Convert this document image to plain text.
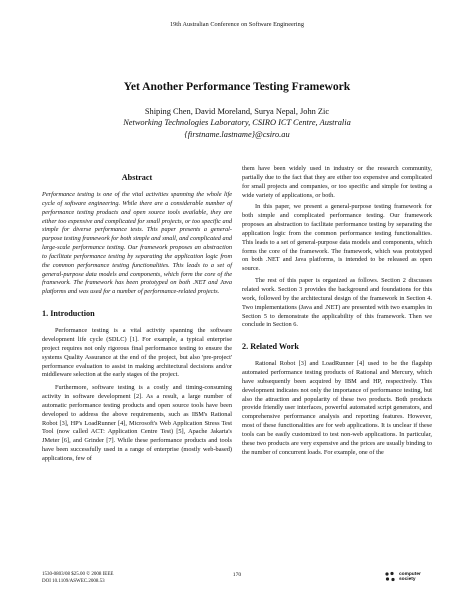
19th Australian Conference on Software Engineering
Yet Another Performance Testing Framework
Shiping Chen, David Moreland, Surya Nepal, John Zic
Networking Technologies Laboratory, CSIRO ICT Centre, Australia
{firstname.lastname}@csiro.au
Abstract

Performance testing is one of the vital activities spanning the whole life cycle of software engineering. While there are a considerable number of performance testing products and open source tools available, they are either too expensive and complicated for small projects, or too specific and simple for diverse performance tests. This paper presents a general-purpose testing framework for both simple and small, and complicated and large-scale performance testing. Our framework proposes an abstraction to facilitate performance testing by separating the application logic from the common performance testing functionalities. This leads to a set of general-purpose data models and components, which form the core of the framework. The framework has been prototyped on both .NET and Java platforms and was used for a number of performance-related projects.

1. Introduction

Performance testing is a vital activity spanning the software development life cycle (SDLC) [1]. For example, a typical enterprise project requires not only rigorous final performance testing to ensure the systems Quality Assurance at the end of the project, but also 'pre-project' performance evaluation to assist in making architectural decisions and/or middleware selection at the early stages of the project.

Furthermore, software testing is a costly and timing-consuming activity in software development [2]. As a result, a large number of automatic performance testing products and open source tools have been developed to address the above requirements, such as IBM's Rational Robot [3], HP's LoadRunner [4], Microsoft's Web Application Stress Test Tool (now called ACT: Application Centre Test) [5], Apache Jakarta's JMeter [6], and Grinder [7]. While these performance products and tools have been successfully used in a range of enterprise (mostly web-based) applications, few of

them have been widely used in industry or the research community, partially due to the fact that they are either too expensive and complicated for small projects and companies, or too specific and simple for testing a wide variety of applications, or both.

In this paper, we present a general-purpose testing framework for both simple and complicated performance testing. Our framework proposes an abstraction to facilitate performance testing by separating the application logic from the common performance testing functionalities. This leads to a set of general-purpose data models and components, which forms the core of the framework. The framework, which was prototyped on both .NET and Java platforms, is intended to be released as open source.

The rest of this paper is organized as follows. Section 2 discusses related work. Section 3 provides the background and foundations for this work, followed by the architectural design of the framework in Section 4. Two implementations (Java and .NET) are presented with two examples in Section 5 to demonstrate the applicability of this framework. Then we conclude in Section 6.

2. Related Work

Rational Robot [3] and LoadRunner [4] used to be the flagship automated performance testing products of Rational and Mercury, which have subsequently been acquired by IBM and HP, respectively. This development indicates not only the importance of performance testing, but also the attraction and popularity of these two products. Both products provide friendly user interfaces, powerful automated script generators, and comprehensive performance analysis and reporting features. However, most of these functionalities are for web applications. It is unclear if these tools can be easily customized to test non-web applications. In particular, these two products are very expensive and the prices are usually binding to the number of concurrent loads. For example, one of the

1530-0803/08 $25.00 © 2008 IEEE
DOI 10.1109/ASWEC.2008.53
170	computer
society
